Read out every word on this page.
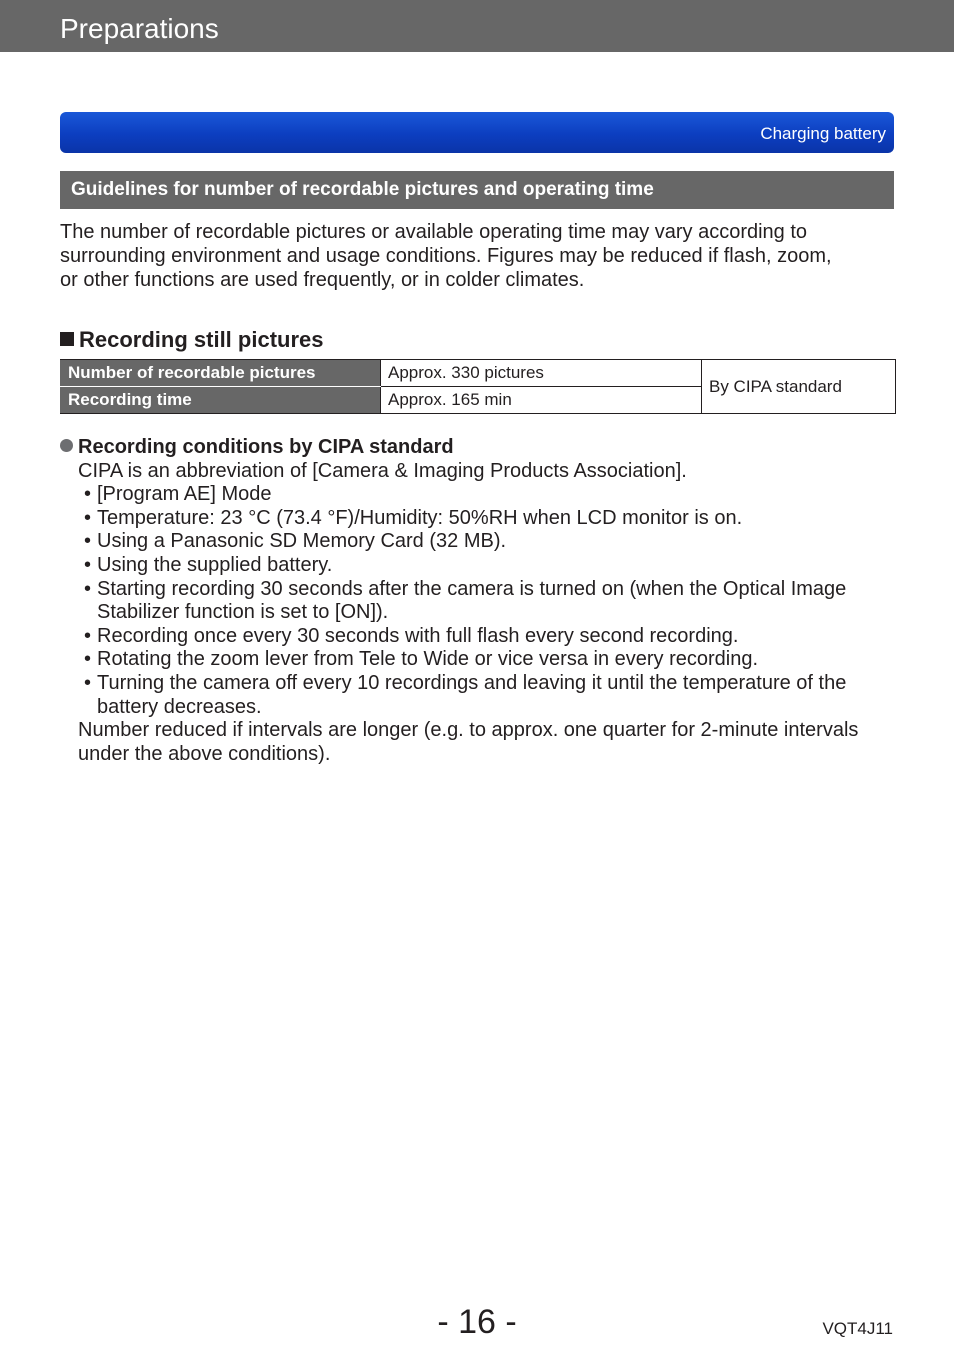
Preparations
Charging battery
Guidelines for number of recordable pictures and operating time

The number of recordable pictures or available operating time may vary according to
surrounding environment and usage conditions. Figures may be reduced if flash, zoom,
or other functions are used frequently, or in colder climates.

Recording still pictures
Number of recordable pictures	Approx. 330 pictures	By CIPA standard
Recording time	Approx. 165 min	
Recording conditions by CIPA standard
CIPA is an abbreviation of [Camera & Imaging Products Association].
• [Program AE] Mode
• Temperature: 23 °C (73.4 °F)/Humidity: 50%RH when LCD monitor is on.
• Using a Panasonic SD Memory Card (32 MB).
• Using the supplied battery.
• Starting recording 30 seconds after the camera is turned on (when the Optical Image Stabilizer function is set to [ON]).
• Recording once every 30 seconds with full flash every second recording.
• Rotating the zoom lever from Tele to Wide or vice versa in every recording.
• Turning the camera off every 10 recordings and leaving it until the temperature of the battery decreases.
Number reduced if intervals are longer (e.g. to approx. one quarter for 2-minute intervals under the above conditions).
- 16 -	VQT4J11
